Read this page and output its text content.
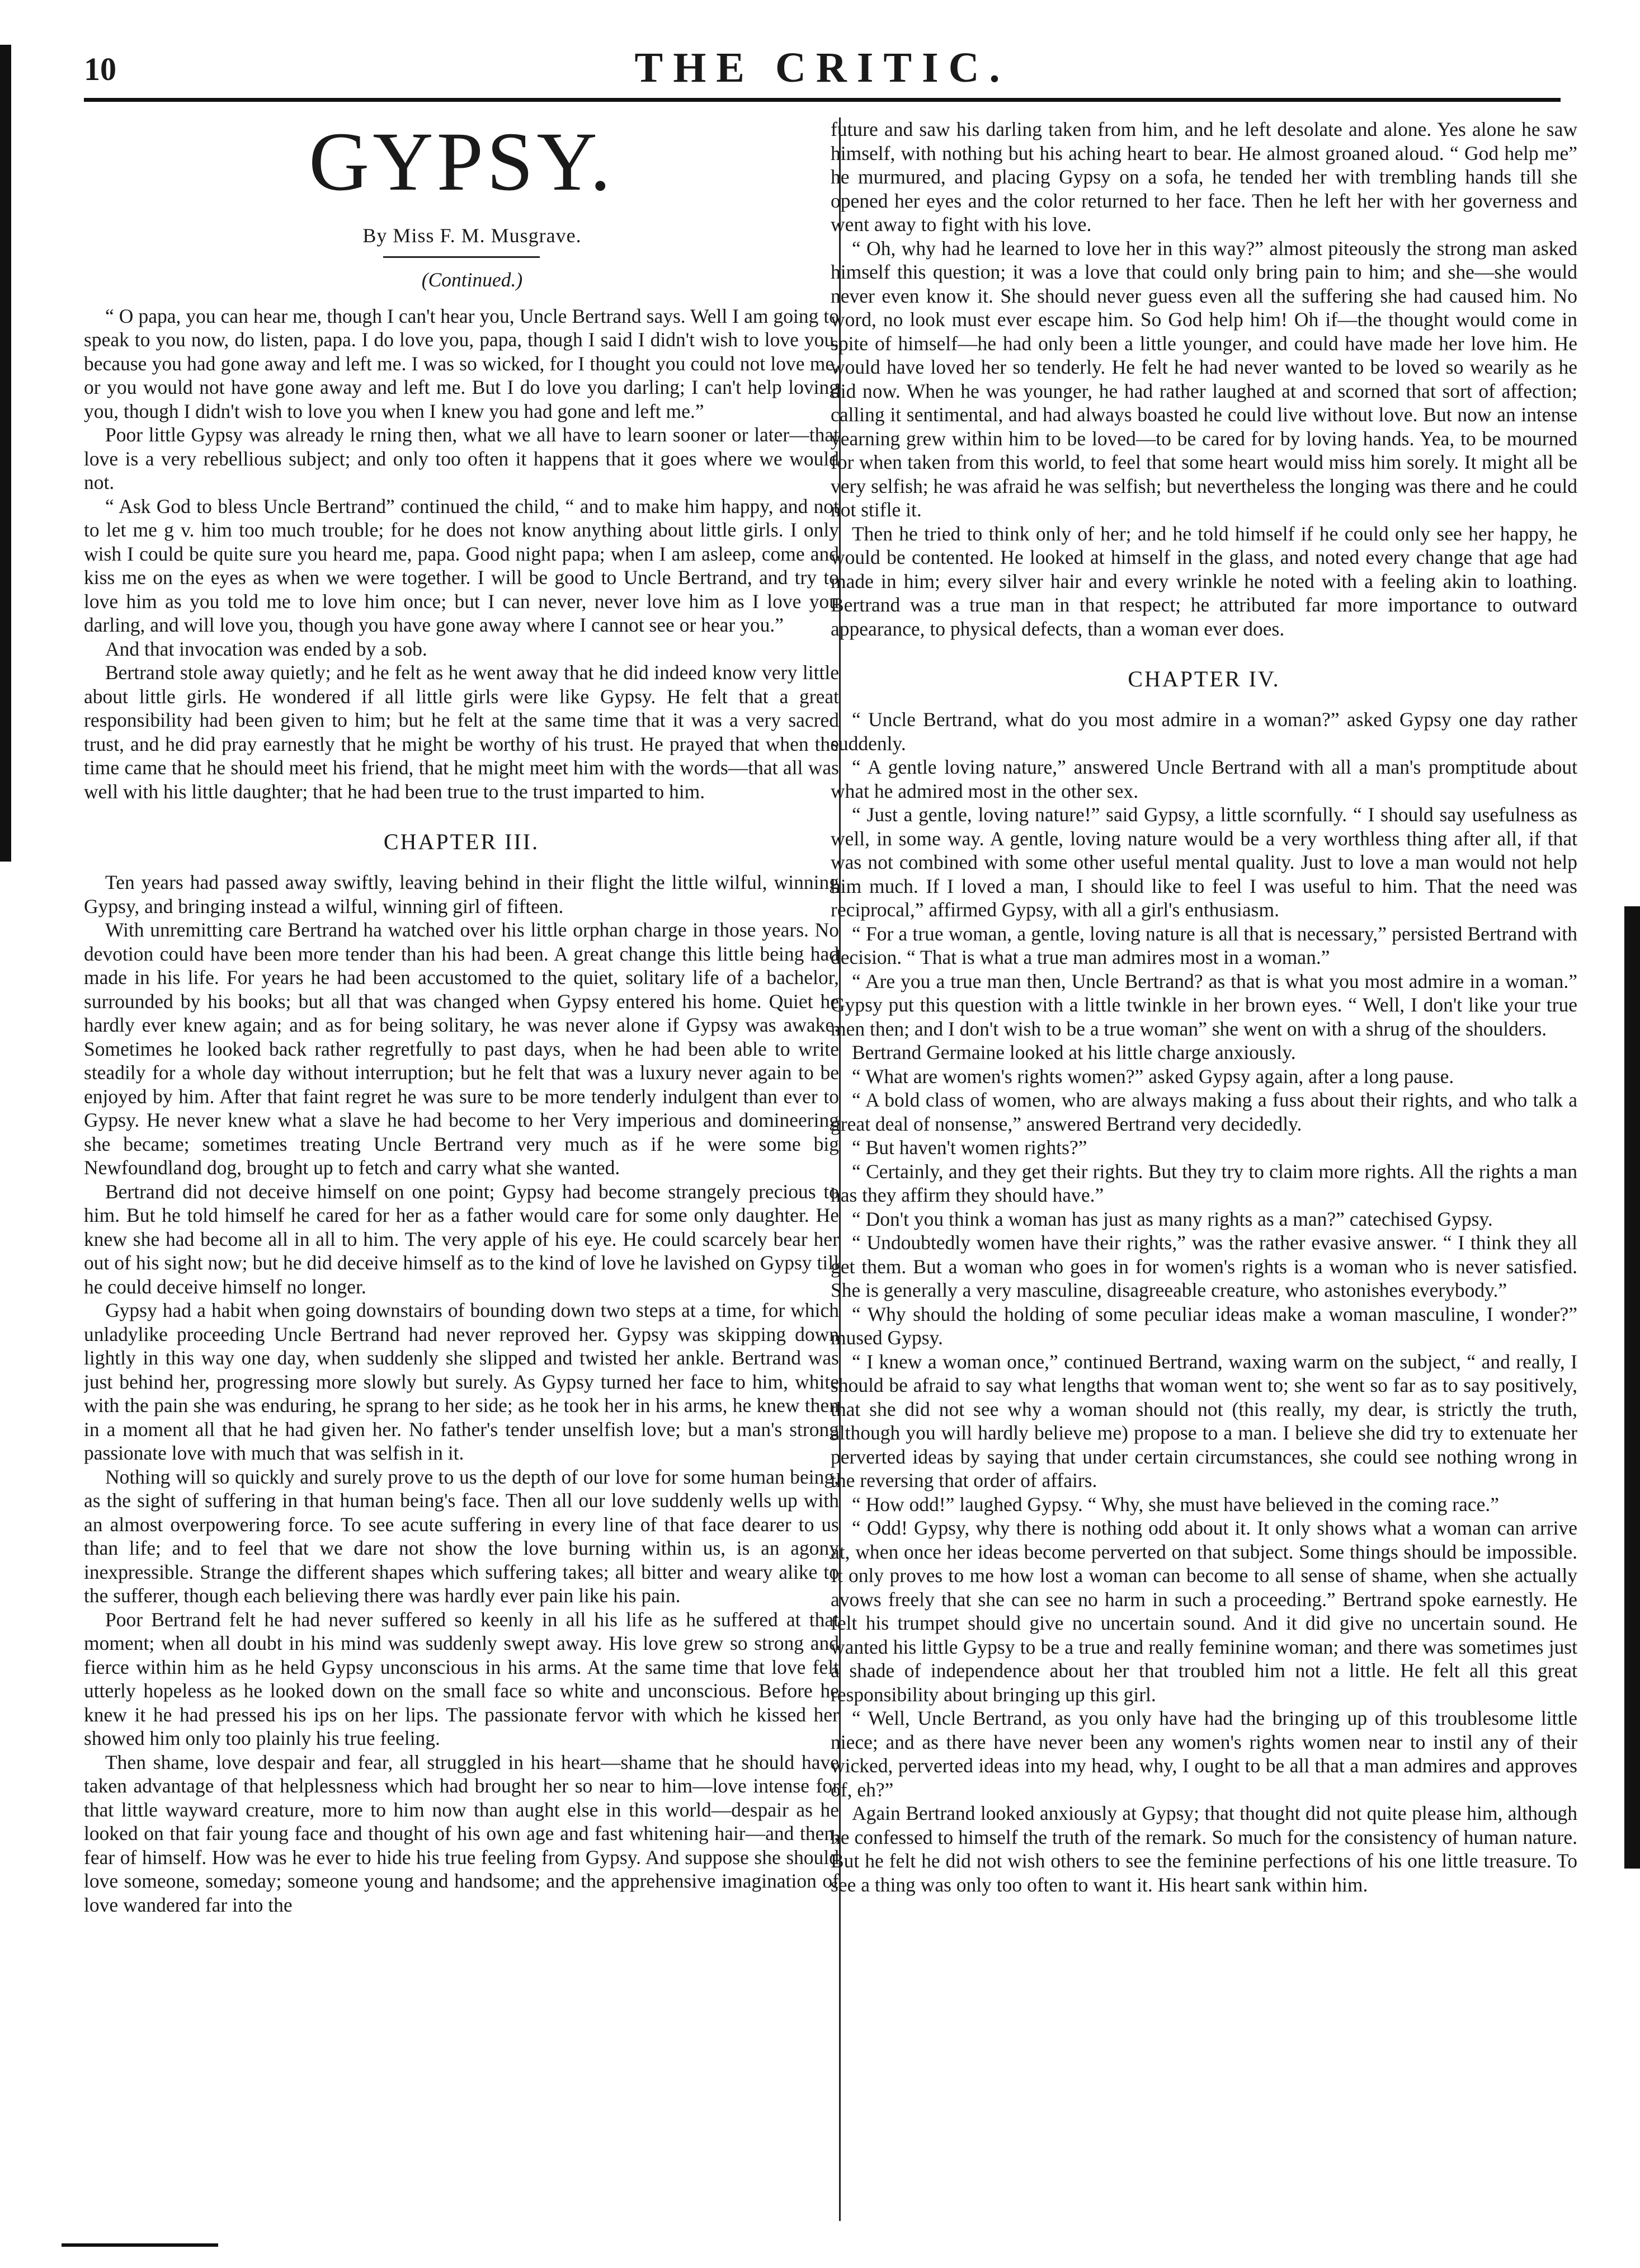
10	THE CRITIC.
GYPSY.

By Miss F. M. Musgrave.

(Continued.)

“ O papa, you can hear me, though I can't hear you, Uncle Bertrand says. Well I am going to speak to you now, do listen, papa. I do love you, papa, though I said I didn't wish to love you, because you had gone away and left me. I was so wicked, for I thought you could not love me, or you would not have gone away and left me. But I do love you darling; I can't help loving you, though I didn't wish to love you when I knew you had gone and left me.”

Poor little Gypsy was already le rning then, what we all have to learn sooner or later—that love is a very rebellious subject; and only too often it happens that it goes where we would not.

“ Ask God to bless Uncle Bertrand” continued the child, “ and to make him happy, and not to let me g v. him too much trouble; for he does not know anything about little girls. I only wish I could be quite sure you heard me, papa. Good night papa; when I am asleep, come and kiss me on the eyes as when we were together. I will be good to Uncle Bertrand, and try to love him as you told me to love him once; but I can never, never love him as I love you darling, and will love you, though you have gone away where I cannot see or hear you.”

And that invocation was ended by a sob.

Bertrand stole away quietly; and he felt as he went away that he did indeed know very little about little girls. He wondered if all little girls were like Gypsy. He felt that a great responsibility had been given to him; but he felt at the same time that it was a very sacred trust, and he did pray earnestly that he might be worthy of his trust. He prayed that when the time came that he should meet his friend, that he might meet him with the words—that all was well with his little daughter; that he had been true to the trust imparted to him.

CHAPTER III.

Ten years had passed away swiftly, leaving behind in their flight the little wilful, winning Gypsy, and bringing instead a wilful, winning girl of fifteen.

With unremitting care Bertrand ha watched over his little orphan charge in those years. No devotion could have been more tender than his had been. A great change this little being had made in his life. For years he had been accustomed to the quiet, solitary life of a bachelor, surrounded by his books; but all that was changed when Gypsy entered his home. Quiet he hardly ever knew again; and as for being solitary, he was never alone if Gypsy was awake. Sometimes he looked back rather regretfully to past days, when he had been able to write steadily for a whole day without interruption; but he felt that was a luxury never again to be enjoyed by him. After that faint regret he was sure to be more tenderly indulgent than ever to Gypsy. He never knew what a slave he had become to her Very imperious and domineering she became; sometimes treating Uncle Bertrand very much as if he were some big Newfoundland dog, brought up to fetch and carry what she wanted.

Bertrand did not deceive himself on one point; Gypsy had become strangely precious to him. But he told himself he cared for her as a father would care for some only daughter. He knew she had become all in all to him. The very apple of his eye. He could scarcely bear her out of his sight now; but he did deceive himself as to the kind of love he lavished on Gypsy till he could deceive himself no longer.

Gypsy had a habit when going downstairs of bounding down two steps at a time, for which unladylike proceeding Uncle Bertrand had never reproved her. Gypsy was skipping down lightly in this way one day, when suddenly she slipped and twisted her ankle. Bertrand was just behind her, progressing more slowly but surely. As Gypsy turned her face to him, white with the pain she was enduring, he sprang to her side; as he took her in his arms, he knew then in a moment all that he had given her. No father's tender unselfish love; but a man's strong passionate love with much that was selfish in it.

Nothing will so quickly and surely prove to us the depth of our love for some human being, as the sight of suffering in that human being's face. Then all our love suddenly wells up with an almost overpowering force. To see acute suffering in every line of that face dearer to us than life; and to feel that we dare not show the love burning within us, is an agony inexpressible. Strange the different shapes which suffering takes; all bitter and weary alike to the sufferer, though each believing there was hardly ever pain like his pain.

Poor Bertrand felt he had never suffered so keenly in all his life as he suffered at that moment; when all doubt in his mind was suddenly swept away. His love grew so strong and fierce within him as he held Gypsy unconscious in his arms. At the same time that love felt utterly hopeless as he looked down on the small face so white and unconscious. Before he knew it he had pressed his ips on her lips. The passionate fervor with which he kissed her showed him only too plainly his true feeling.

Then shame, love despair and fear, all struggled in his heart—shame that he should have taken advantage of that helplessness which had brought her so near to him—love intense for that little wayward creature, more to him now than aught else in this world—despair as he looked on that fair young face and thought of his own age and fast whitening hair—and then, fear of himself. How was he ever to hide his true feeling from Gypsy. And suppose she should love someone, someday; someone young and handsome; and the apprehensive imagination of love wandered far into the

future and saw his darling taken from him, and he left desolate and alone. Yes alone he saw himself, with nothing but his aching heart to bear. He almost groaned aloud. “ God help me” he murmured, and placing Gypsy on a sofa, he tended her with trembling hands till she opened her eyes and the color returned to her face. Then he left her with her governess and went away to fight with his love.

“ Oh, why had he learned to love her in this way?” almost piteously the strong man asked himself this question; it was a love that could only bring pain to him; and she—she would never even know it. She should never guess even all the suffering she had caused him. No word, no look must ever escape him. So God help him! Oh if—the thought would come in spite of himself—he had only been a little younger, and could have made her love him. He would have loved her so tenderly. He felt he had never wanted to be loved so wearily as he did now. When he was younger, he had rather laughed at and scorned that sort of affection; calling it sentimental, and had always boasted he could live without love. But now an intense yearning grew within him to be loved—to be cared for by loving hands. Yea, to be mourned for when taken from this world, to feel that some heart would miss him sorely. It might all be very selfish; he was afraid he was selfish; but nevertheless the longing was there and he could not stifle it.

Then he tried to think only of her; and he told himself if he could only see her happy, he would be contented. He looked at himself in the glass, and noted every change that age had made in him; every silver hair and every wrinkle he noted with a feeling akin to loathing. Bertrand was a true man in that respect; he attributed far more importance to outward appearance, to physical defects, than a woman ever does.

CHAPTER IV.

“ Uncle Bertrand, what do you most admire in a woman?” asked Gypsy one day rather suddenly.

“ A gentle loving nature,” answered Uncle Bertrand with all a man's promptitude about what he admired most in the other sex.

“ Just a gentle, loving nature!” said Gypsy, a little scornfully. “ I should say usefulness as well, in some way. A gentle, loving nature would be a very worthless thing after all, if that was not combined with some other useful mental quality. Just to love a man would not help him much. If I loved a man, I should like to feel I was useful to him. That the need was reciprocal,” affirmed Gypsy, with all a girl's enthusiasm.

“ For a true woman, a gentle, loving nature is all that is necessary,” persisted Bertrand with decision. “ That is what a true man admires most in a woman.”

“ Are you a true man then, Uncle Bertrand? as that is what you most admire in a woman.” Gypsy put this question with a little twinkle in her brown eyes. “ Well, I don't like your true men then; and I don't wish to be a true woman” she went on with a shrug of the shoulders.

Bertrand Germaine looked at his little charge anxiously.

“ What are women's rights women?” asked Gypsy again, after a long pause.

“ A bold class of women, who are always making a fuss about their rights, and who talk a great deal of nonsense,” answered Bertrand very decidedly.

“ But haven't women rights?”

“ Certainly, and they get their rights. But they try to claim more rights. All the rights a man has they affirm they should have.”

“ Don't you think a woman has just as many rights as a man?” catechised Gypsy.

“ Undoubtedly women have their rights,” was the rather evasive answer. “ I think they all get them. But a woman who goes in for women's rights is a woman who is never satisfied. She is generally a very masculine, disagreeable creature, who astonishes everybody.”

“ Why should the holding of some peculiar ideas make a woman masculine, I wonder?” mused Gypsy.

“ I knew a woman once,” continued Bertrand, waxing warm on the subject, “ and really, I should be afraid to say what lengths that woman went to; she went so far as to say positively, that she did not see why a woman should not (this really, my dear, is strictly the truth, although you will hardly believe me) propose to a man. I believe she did try to extenuate her perverted ideas by saying that under certain circumstances, she could see nothing wrong in the reversing that order of affairs.

“ How odd!” laughed Gypsy. “ Why, she must have believed in the coming race.”

“ Odd! Gypsy, why there is nothing odd about it. It only shows what a woman can arrive at, when once her ideas become perverted on that subject. Some things should be impossible. It only proves to me how lost a woman can become to all sense of shame, when she actually avows freely that she can see no harm in such a proceeding.” Bertrand spoke earnestly. He felt his trumpet should give no uncertain sound. And it did give no uncertain sound. He wanted his little Gypsy to be a true and really feminine woman; and there was sometimes just a shade of independence about her that troubled him not a little. He felt all this great responsibility about bringing up this girl.

“ Well, Uncle Bertrand, as you only have had the bringing up of this troublesome little niece; and as there have never been any women's rights women near to instil any of their wicked, perverted ideas into my head, why, I ought to be all that a man admires and approves of, eh?”

Again Bertrand looked anxiously at Gypsy; that thought did not quite please him, although he confessed to himself the truth of the remark. So much for the consistency of human nature. But he felt he did not wish others to see the feminine perfections of his one little treasure. To see a thing was only too often to want it. His heart sank within him.
